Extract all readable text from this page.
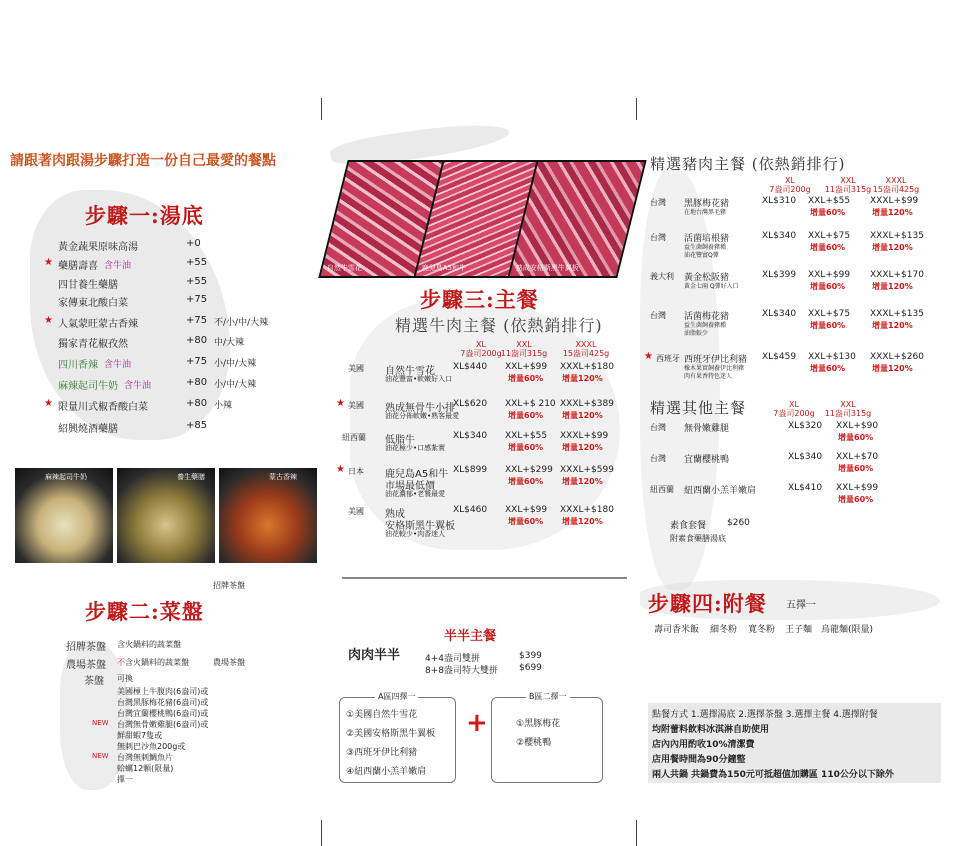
請跟著肉跟湯步驟打造一份自己最愛的餐點
步驟一:湯底
黃金蔬果原味高湯	+0
★ 藥膳壽喜 含牛油	+55
四甘養生藥膳	+55
家傳東北酸白菜	+75
★ 人氣蒙旺蒙古香辣	+75 不/小/中/大辣
獨家青花椒孜然	+80 中/大辣
四川香辣 含牛油	+75 小/中/大辣
麻辣起司牛奶 含牛油	+80 小/中/大辣
★ 限量川式椒香酸白菜	+80 小辣
紹興燒酒藥膳	+85
麻辣起司牛奶	養生藥膳	蒙古香辣
招牌茶盤
步驟二:菜盤
招牌茶盤 含火鍋料的蔬菜盤
農場茶盤 不含火鍋料的蔬菜盤	農場茶盤
茶盤 可換
美國極上牛腹肉(6盎司)或
台灣黑豚梅花豬(6盎司)或
台灣宜蘭櫻桃鴨(6盎司)或
NEW 台灣無骨嫩雞腿(6盎司)或
鮮甜蝦7隻或
無刺巴沙魚200g或
NEW 台灣無刺鯛魚片
蛤蠣12顆(限量)
擇一
自然牛雪花	鹿兒島A5和牛	熟成安格斯黑牛翼板
步驟三:主餐
精選牛肉主餐 (依熱銷排行)
XL
7盎司200g
XXL
11盎司315g
XXXL
15盎司425g
美國 自然牛雪花
油花豐富•軟嫩好入口
XL$440 XXL+$99 XXXL+$180
增量60% 增量120%
★ 美國 熟成無骨牛小排
油花分佈軟嫩•熟客最愛
XL$620 XXL+$ 210 XXXL+$389
增量60% 增量120%
紐西蘭 低脂牛
油花極少•口感紮實
XL$340 XXL+$55 XXXL+$99
增量60% 增量120%
★ 日本 鹿兒島A5和牛
市場最低價
油花濃郁•老饕最愛
XL$899 XXL+$299 XXXL+$599
增量60% 增量120%
美國 熟成
安格斯黑牛翼板
油花較少•肉香迷人
XL$460 XXL+$99 XXXL+$180
增量60% 增量120%
半半主餐
肉肉半半	4+4盎司雙拼	$399
8+8盎司特大雙拼 $699
A區四擇一
①美國自然牛雪花
②美國安格斯黑牛翼板
③西班牙伊比利豬
④紐西蘭小羔羊嫩肩
+
B區二擇一
①黑豚梅花
②櫻桃鴨
精選豬肉主餐 (依熱銷排行)
XL
7盎司200g
XXL
11盎司315g
XXXL
15盎司425g
台灣 黑豚梅花豬
在地台灣黑毛豬
XL$310 XXL+$55 XXXL+$99
增量60%	增量120%
台灣 活菌培根豬
益生菌飼養豬種
油花豐富Q彈
XL$340 XXL+$75 XXXL+$135
增量60%	增量120%
義大利 黃金松阪豬
黃金七兩 Q彈好入口
XL$399 XXL+$99 XXXL+$170
增量60%	增量120%
台灣 活菌梅花豬
益生菌飼養豬種
油脂較少
XL$340 XXL+$75 XXXL+$135
增量60%	增量120%
★ 西班牙 西班牙伊比利豬
橡木果實飼養伊比利豬
肉有果香特色迷人
XL$459 XXL+$130 XXXL+$260
增量60%	增量120%
精選其他主餐	XL
7盎司200g
XXL
11盎司315g
台灣 無骨嫩雞腿	XL$320 XXL+$90
增量60%
台灣 宜蘭櫻桃鴨	XL$340 XXL+$70
增量60%
紐西蘭 紐西蘭小羔羊嫩肩	XL$410 XXL+$99
增量60%
素食套餐 $260
附素食藥膳湯底
步驟四:附餐 五擇一
壽司香米飯 細冬粉 寬冬粉 王子麵 烏龍麵(限量)
點餐方式 1.選擇湯底 2.選擇茶盤 3.選擇主餐 4.選擇附餐
均附蕾料飲料冰淇淋自助使用
店內內用酌收10%清潔費
店用餐時間為90分鐘整
兩人共鍋 共鍋費為150元可抵超值加購區 110公分以下除外
